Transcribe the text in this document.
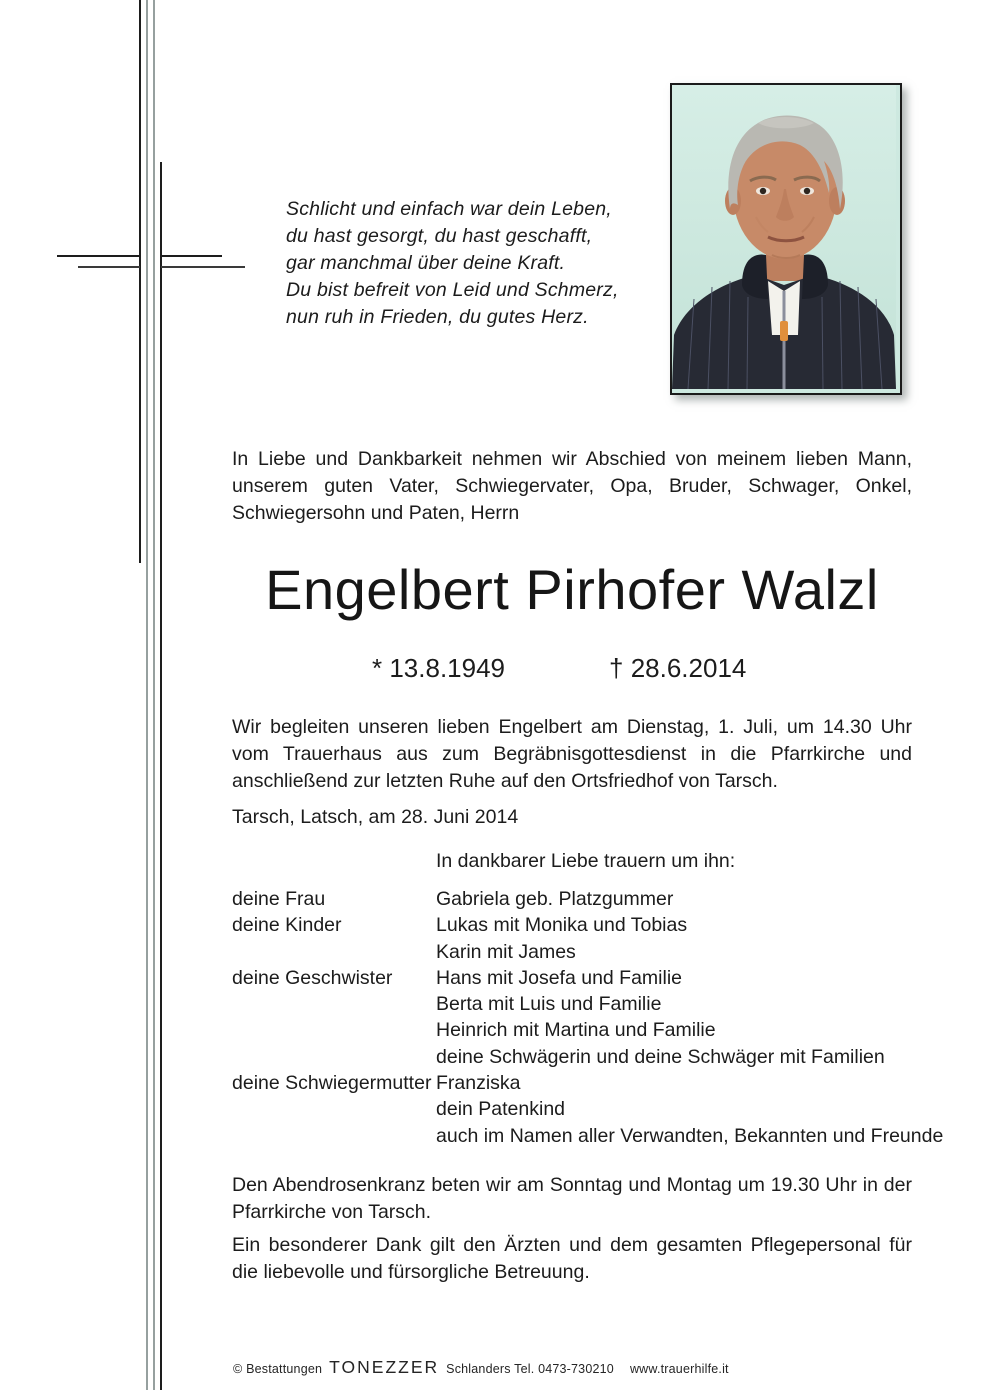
Schlicht und einfach war dein Leben,
du hast gesorgt, du hast geschafft,
gar manchmal über deine Kraft.
Du bist befreit von Leid und Schmerz,
nun ruh in Frieden, du gutes Herz.

In Liebe und Dankbarkeit nehmen wir Abschied von meinem lieben Mann, unserem guten Vater, Schwiegervater, Opa, Bruder, Schwager, Onkel, Schwiegersohn und Paten, Herrn

Engelbert Pirhofer Walzl
* 13.8.1949	† 28.6.2014

Wir begleiten unseren lieben Engelbert am Dienstag, 1. Juli, um 14.30 Uhr vom Trauerhaus aus zum Begräbnisgottesdienst in die Pfarrkirche und anschließend zur letzten Ruhe auf den Ortsfriedhof von Tarsch.

Tarsch, Latsch, am 28. Juni 2014
In dankbarer Liebe trauern um ihn:
deine Frau	Gabriela geb. Platzgummer
deine Kinder	Lukas mit Monika und Tobias
Karin mit James
deine Geschwister	Hans mit Josefa und Familie
Berta mit Luis und Familie
Heinrich mit Martina und Familie
deine Schwägerin und deine Schwäger mit Familien
deine Schwiegermutter Franziska
dein Patenkind
auch im Namen aller Verwandten, Bekannten und Freunde

Den Abendrosenkranz beten wir am Sonntag und Montag um 19.30 Uhr in der Pfarrkirche von Tarsch.

Ein besonderer Dank gilt den Ärzten und dem gesamten Pflegepersonal für die liebevolle und fürsorgliche Betreuung.

© Bestattungen TONEZZER Schlanders Tel. 0473-730210 www.trauerhilfe.it
